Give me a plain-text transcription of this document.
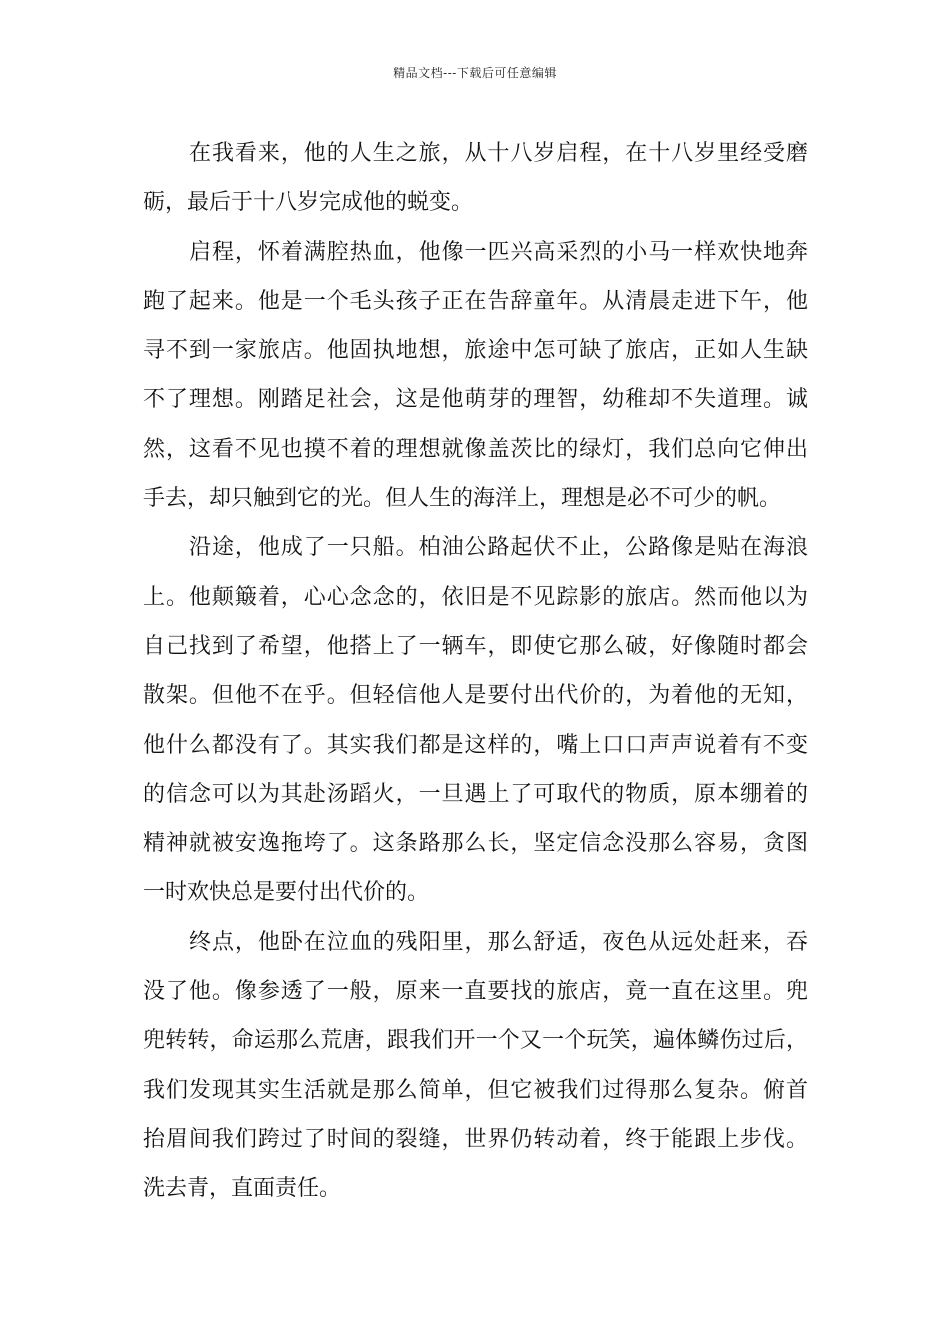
精品文档---下载后可任意编辑
在我看来，他的人生之旅，从十八岁启程，在十八岁里经受磨
砺，最后于十八岁完成他的蜕变。
启程，怀着满腔热血，他像一匹兴高采烈的小马一样欢快地奔
跑了起来。他是一个毛头孩子正在告辞童年。从清晨走进下午，他
寻不到一家旅店。他固执地想，旅途中怎可缺了旅店，正如人生缺
不了理想。刚踏足社会，这是他萌芽的理智，幼稚却不失道理。诚
然，这看不见也摸不着的理想就像盖茨比的绿灯，我们总向它伸出
手去，却只触到它的光。但人生的海洋上，理想是必不可少的帆。
沿途，他成了一只船。柏油公路起伏不止，公路像是贴在海浪
上。他颠簸着，心心念念的，依旧是不见踪影的旅店。然而他以为
自己找到了希望，他搭上了一辆车，即使它那么破，好像随时都会
散架。但他不在乎。但轻信他人是要付出代价的，为着他的无知，
他什么都没有了。其实我们都是这样的，嘴上口口声声说着有不变
的信念可以为其赴汤蹈火，一旦遇上了可取代的物质，原本绷着的
精神就被安逸拖垮了。这条路那么长，坚定信念没那么容易，贪图
一时欢快总是要付出代价的。
终点，他卧在泣血的残阳里，那么舒适，夜色从远处赶来，吞
没了他。像参透了一般，原来一直要找的旅店，竟一直在这里。兜
兜转转，命运那么荒唐，跟我们开一个又一个玩笑，遍体鳞伤过后，
我们发现其实生活就是那么简单，但它被我们过得那么复杂。俯首
抬眉间我们跨过了时间的裂缝，世界仍转动着，终于能跟上步伐。
洗去青，直面责任。
